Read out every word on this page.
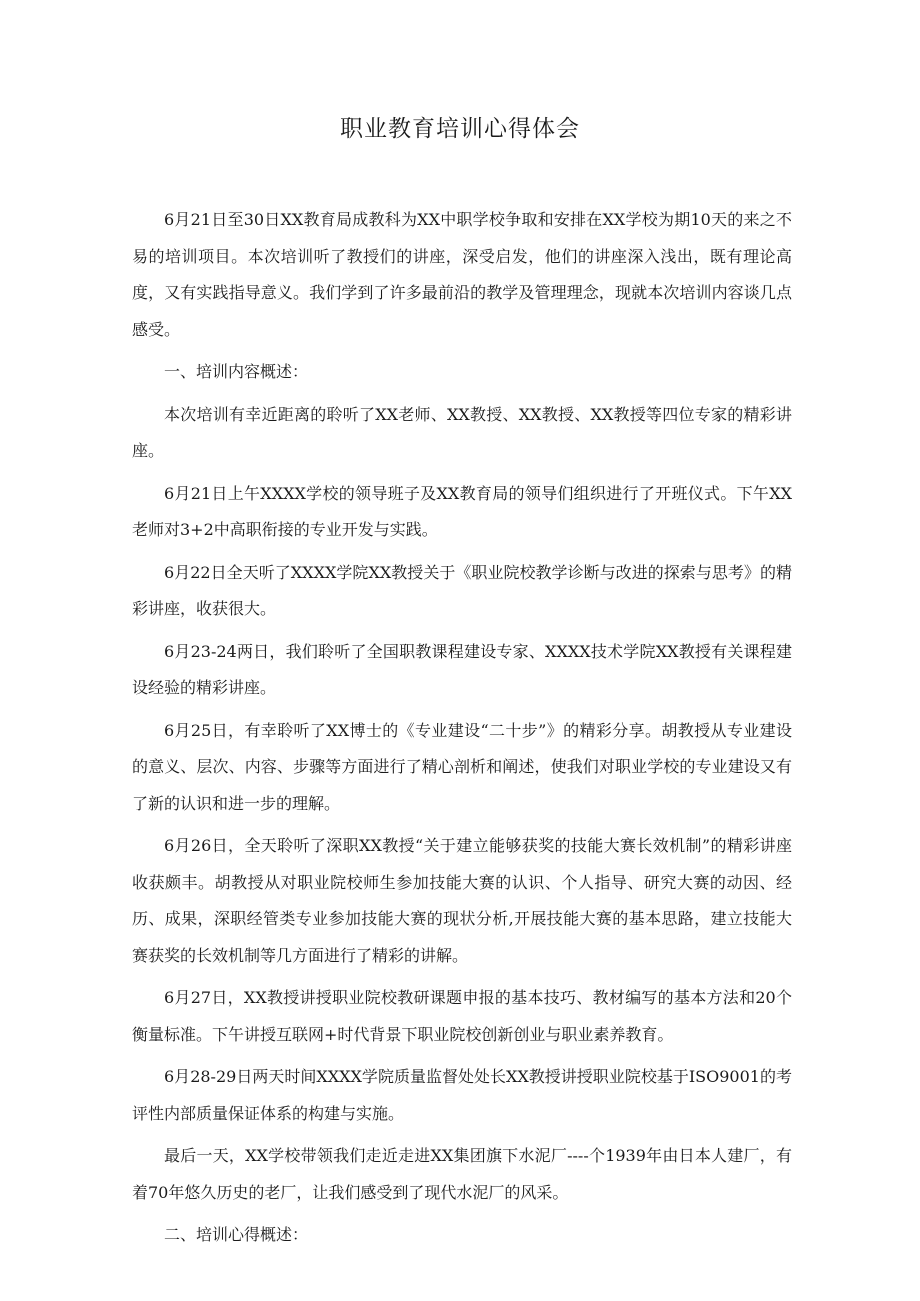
职业教育培训心得体会

6月21日至30日XX教育局成教科为XX中职学校争取和安排在XX学校为期10天的来之不易的培训项目。本次培训听了教授们的讲座，深受启发，他们的讲座深入浅出，既有理论高度，又有实践指导意义。我们学到了许多最前沿的教学及管理理念，现就本次培训内容谈几点感受。

一、培训内容概述：

本次培训有幸近距离的聆听了XX老师、XX教授、XX教授、XX教授等四位专家的精彩讲座。

6月21日上午XXXX学校的领导班子及XX教育局的领导们组织进行了开班仪式。下午XX老师对3+2中高职衔接的专业开发与实践。

6月22日全天听了XXXX学院XX教授关于《职业院校教学诊断与改进的探索与思考》的精彩讲座，收获很大。

6月23-24两日，我们聆听了全国职教课程建设专家、XXXX技术学院XX教授有关课程建设经验的精彩讲座。

6月25日，有幸聆听了XX博士的《专业建设“二十步”》的精彩分享。胡教授从专业建设的意义、层次、内容、步骤等方面进行了精心剖析和阐述，使我们对职业学校的专业建设又有了新的认识和进一步的理解。

6月26日，全天聆听了深职XX教授“关于建立能够获奖的技能大赛长效机制”的精彩讲座收获颇丰。胡教授从对职业院校师生参加技能大赛的认识、个人指导、研究大赛的动因、经历、成果，深职经管类专业参加技能大赛的现状分析,开展技能大赛的基本思路，建立技能大赛获奖的长效机制等几方面进行了精彩的讲解。

6月27日，XX教授讲授职业院校教研课题申报的基本技巧、教材编写的基本方法和20个衡量标准。下午讲授互联网+时代背景下职业院校创新创业与职业素养教育。

6月28-29日两天时间XXXX学院质量监督处处长XX教授讲授职业院校基于ISO9001的考评性内部质量保证体系的构建与实施。

最后一天，XX学校带领我们走近走进XX集团旗下水泥厂----个1939年由日本人建厂，有着70年悠久历史的老厂，让我们感受到了现代水泥厂的风采。

二、培训心得概述：
